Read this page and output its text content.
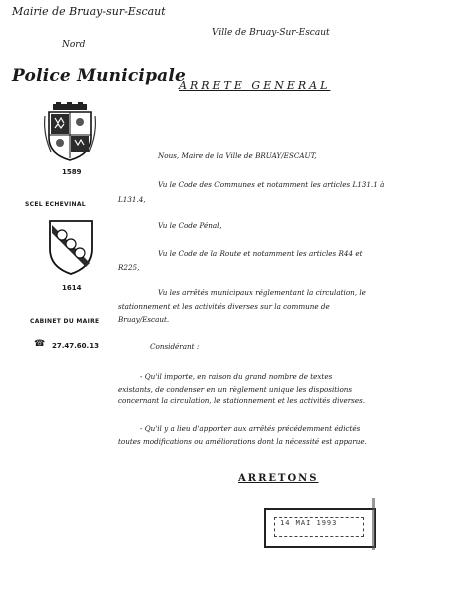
Mairie de Bruay-sur-Escaut
Nord
Ville de Bruay-Sur-Escaut
Police Municipale
ARRETE GENERAL
1589
SCEL ECHEVINAL
1614
CABINET DU MAIRE
☎ 27.47.60.13
Nous, Maire de la Ville de BRUAY/ESCAUT,
Vu le Code des Communes et notamment les articles L131.1 à
L131.4,
Vu le Code Pénal,
Vu le Code de la Route et notamment les articles R44 et
R225,
Vu les arrêtés municipaux réglementant la circulation, le
stationnement et les activités diverses sur la commune de
Bruay/Escaut.
Considérant :
- Qu'il importe, en raison du grand nombre de textes
existants, de condenser en un règlement unique les dispositions
concernant la circulation, le stationnement et les activités diverses.
- Qu'il y a lieu d'apporter aux arrêtés précédemment édictés
toutes modifications ou améliorations dont la nécessité est apparue.
ARRETONS
14 MAI 1993
